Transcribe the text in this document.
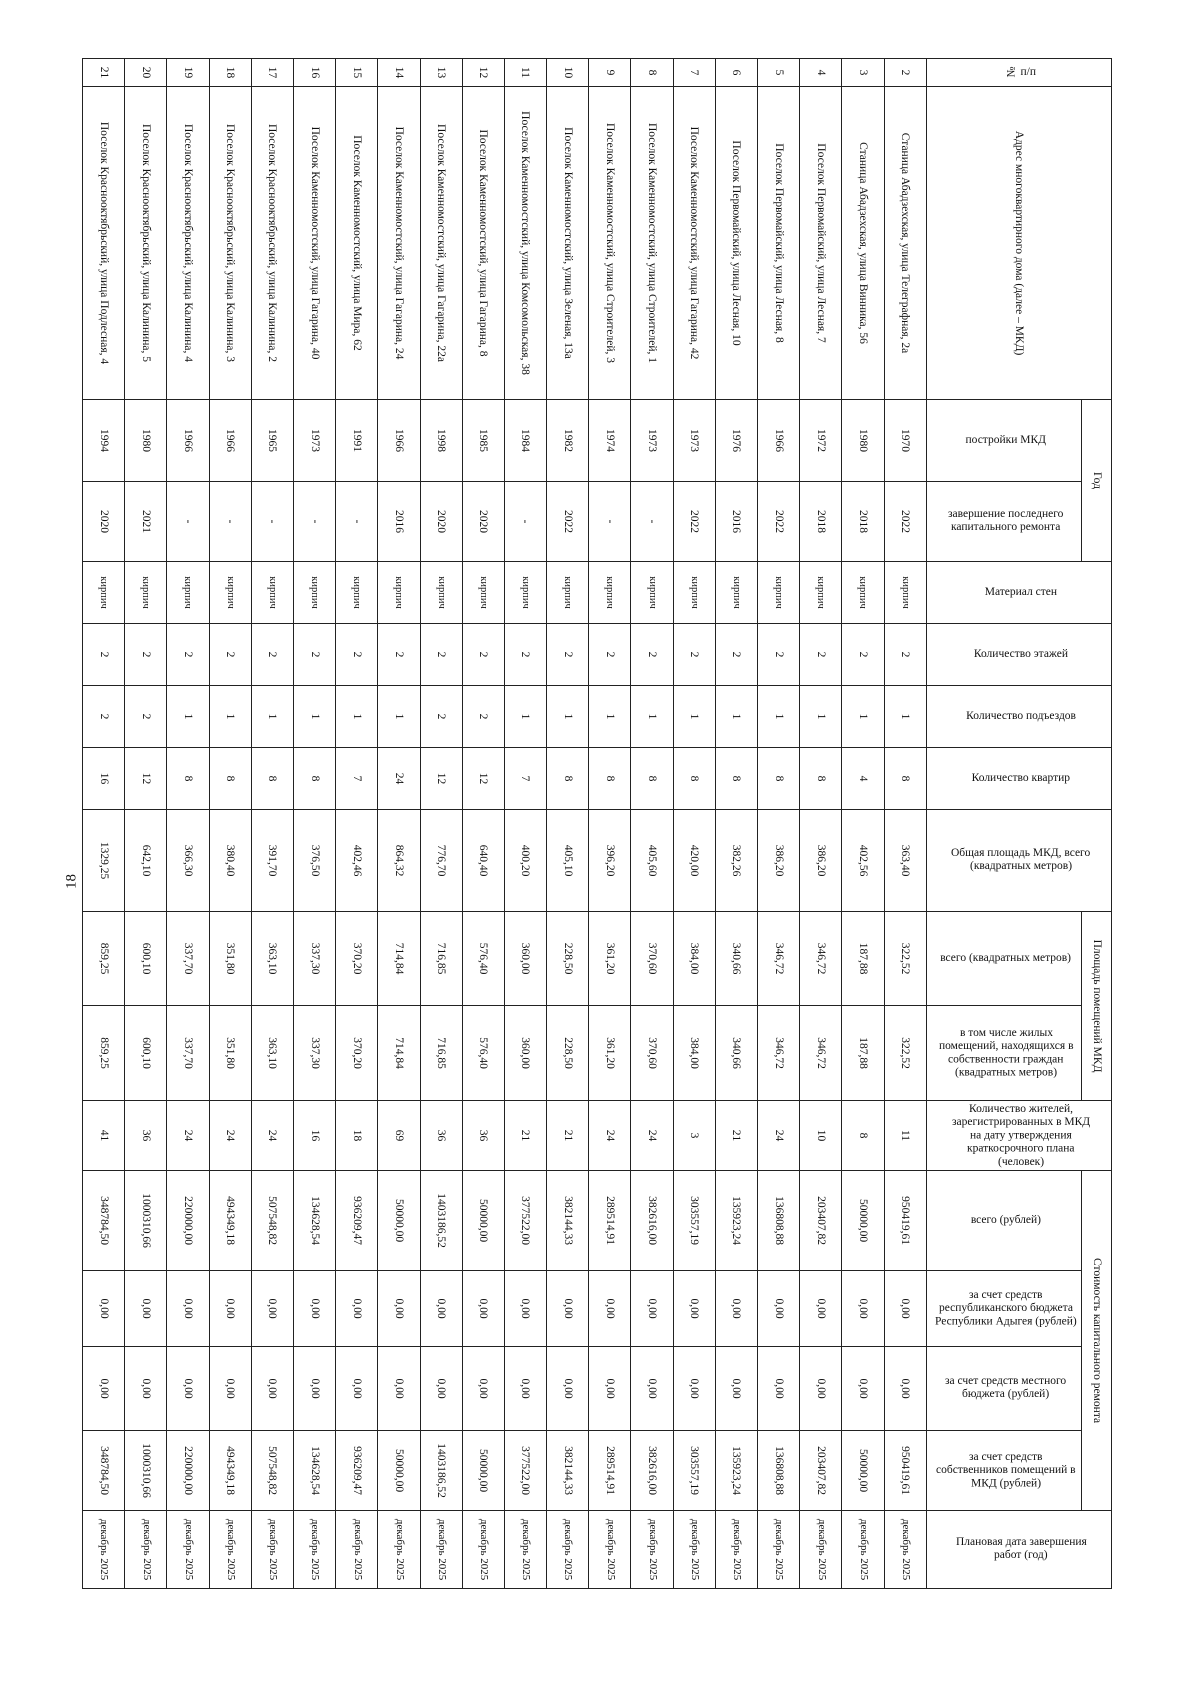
18
№ п/п	Адрес многоквартирного дома (далее – МКД)	Год		Материал стен	Количество этажей	Количество подъездов	Количество квартир	Общая площадь МКД, всего (квадратных метров)	Площадь помещений МКД		Количество жителей, зарегистрированных в МКД на дату утверждения краткосрочного плана (человек)	Стоимость капитального ремонта				Плановая дата завершения работ (год)
		постройки МКД	завершение последнего капитального ремонта						всего (квадратных метров)	в том числе жилых помещений, находящихся в собственности граждан (квадратных метров)		всего (рублей)	за счет средств республиканского бюджета Республики Адыгея (рублей)	за счет средств местного бюджета (рублей)	за счет средств собственников помещений в МКД (рублей)	
2	Станица Абадзехская, улица Телеграфная, 2а	1970	2022	кирпич	2	1	8	363,40	322,52	322,52	11	950419,61	0,00	0,00	950419,61	декабрь 2025
3	Станица Абадзехская, улица Винника, 56	1980	2018	кирпич	2	1	4	402,56	187,88	187,88	8	50000,00	0,00	0,00	50000,00	декабрь 2025
4	Поселок Первомайский, улица Лесная, 7	1972	2018	кирпич	2	1	8	386,20	346,72	346,72	10	203407,82	0,00	0,00	203407,82	декабрь 2025
5	Поселок Первомайский, улица Лесная, 8	1966	2022	кирпич	2	1	8	386,20	346,72	346,72	24	136808,88	0,00	0,00	136808,88	декабрь 2025
6	Поселок Первомайский, улица Лесная, 10	1976	2016	кирпич	2	1	8	382,26	340,66	340,66	21	135923,24	0,00	0,00	135923,24	декабрь 2025
7	Поселок Каменномостский, улица Гагарина, 42	1973	2022	кирпич	2	1	8	420,00	384,00	384,00	3	303557,19	0,00	0,00	303557,19	декабрь 2025
8	Поселок Каменномостский, улица Строителей, 1	1973	-	кирпич	2	1	8	405,60	370,60	370,60	24	382616,00	0,00	0,00	382616,00	декабрь 2025
9	Поселок Каменномостский, улица Строителей, 3	1974	-	кирпич	2	1	8	396,20	361,20	361,20	24	289514,91	0,00	0,00	289514,91	декабрь 2025
10	Поселок Каменномостский, улица Зеленая, 13а	1982	2022	кирпич	2	1	8	405,10	228,50	228,50	21	382144,33	0,00	0,00	382144,33	декабрь 2025
11	Поселок Каменномостский, улица Комсомольская, 38	1984	-	кирпич	2	1	7	400,20	360,00	360,00	21	377522,00	0,00	0,00	377522,00	декабрь 2025
12	Поселок Каменномостский, улица Гагарина, 8	1985	2020	кирпич	2	2	12	640,40	576,40	576,40	36	50000,00	0,00	0,00	50000,00	декабрь 2025
13	Поселок Каменномостский, улица Гагарина, 22а	1998	2020	кирпич	2	2	12	776,70	716,85	716,85	36	1403186,52	0,00	0,00	1403186,52	декабрь 2025
14	Поселок Каменномостский, улица Гагарина, 24	1966	2016	кирпич	2	1	24	864,32	714,84	714,84	69	50000,00	0,00	0,00	50000,00	декабрь 2025
15	Поселок Каменномостский, улица Мира, 62	1991	-	кирпич	2	1	7	402,46	370,20	370,20	18	936209,47	0,00	0,00	936209,47	декабрь 2025
16	Поселок Каменномостский, улица Гагарина, 40	1973	-	кирпич	2	1	8	376,50	337,30	337,30	16	134628,54	0,00	0,00	134628,54	декабрь 2025
17	Поселок Краснооктябрьский, улица Калинина, 2	1965	-	кирпич	2	1	8	391,70	363,10	363,10	24	507548,82	0,00	0,00	507548,82	декабрь 2025
18	Поселок Краснооктябрьский, улица Калинина, 3	1966	-	кирпич	2	1	8	380,40	351,80	351,80	24	494349,18	0,00	0,00	494349,18	декабрь 2025
19	Поселок Краснооктябрьский, улица Калинина, 4	1966	-	кирпич	2	1	8	366,30	337,70	337,70	24	220000,00	0,00	0,00	220000,00	декабрь 2025
20	Поселок Краснооктябрьский, улица Калинина, 5	1980	2021	кирпич	2	2	12	642,10	600,10	600,10	36	1000310,66	0,00	0,00	1000310,66	декабрь 2025
21	Поселок Краснооктябрьский, улица Подлесная, 4	1994	2020	кирпич	2	2	16	1329,25	859,25	859,25	41	348784,50	0,00	0,00	348784,50	декабрь 2025
